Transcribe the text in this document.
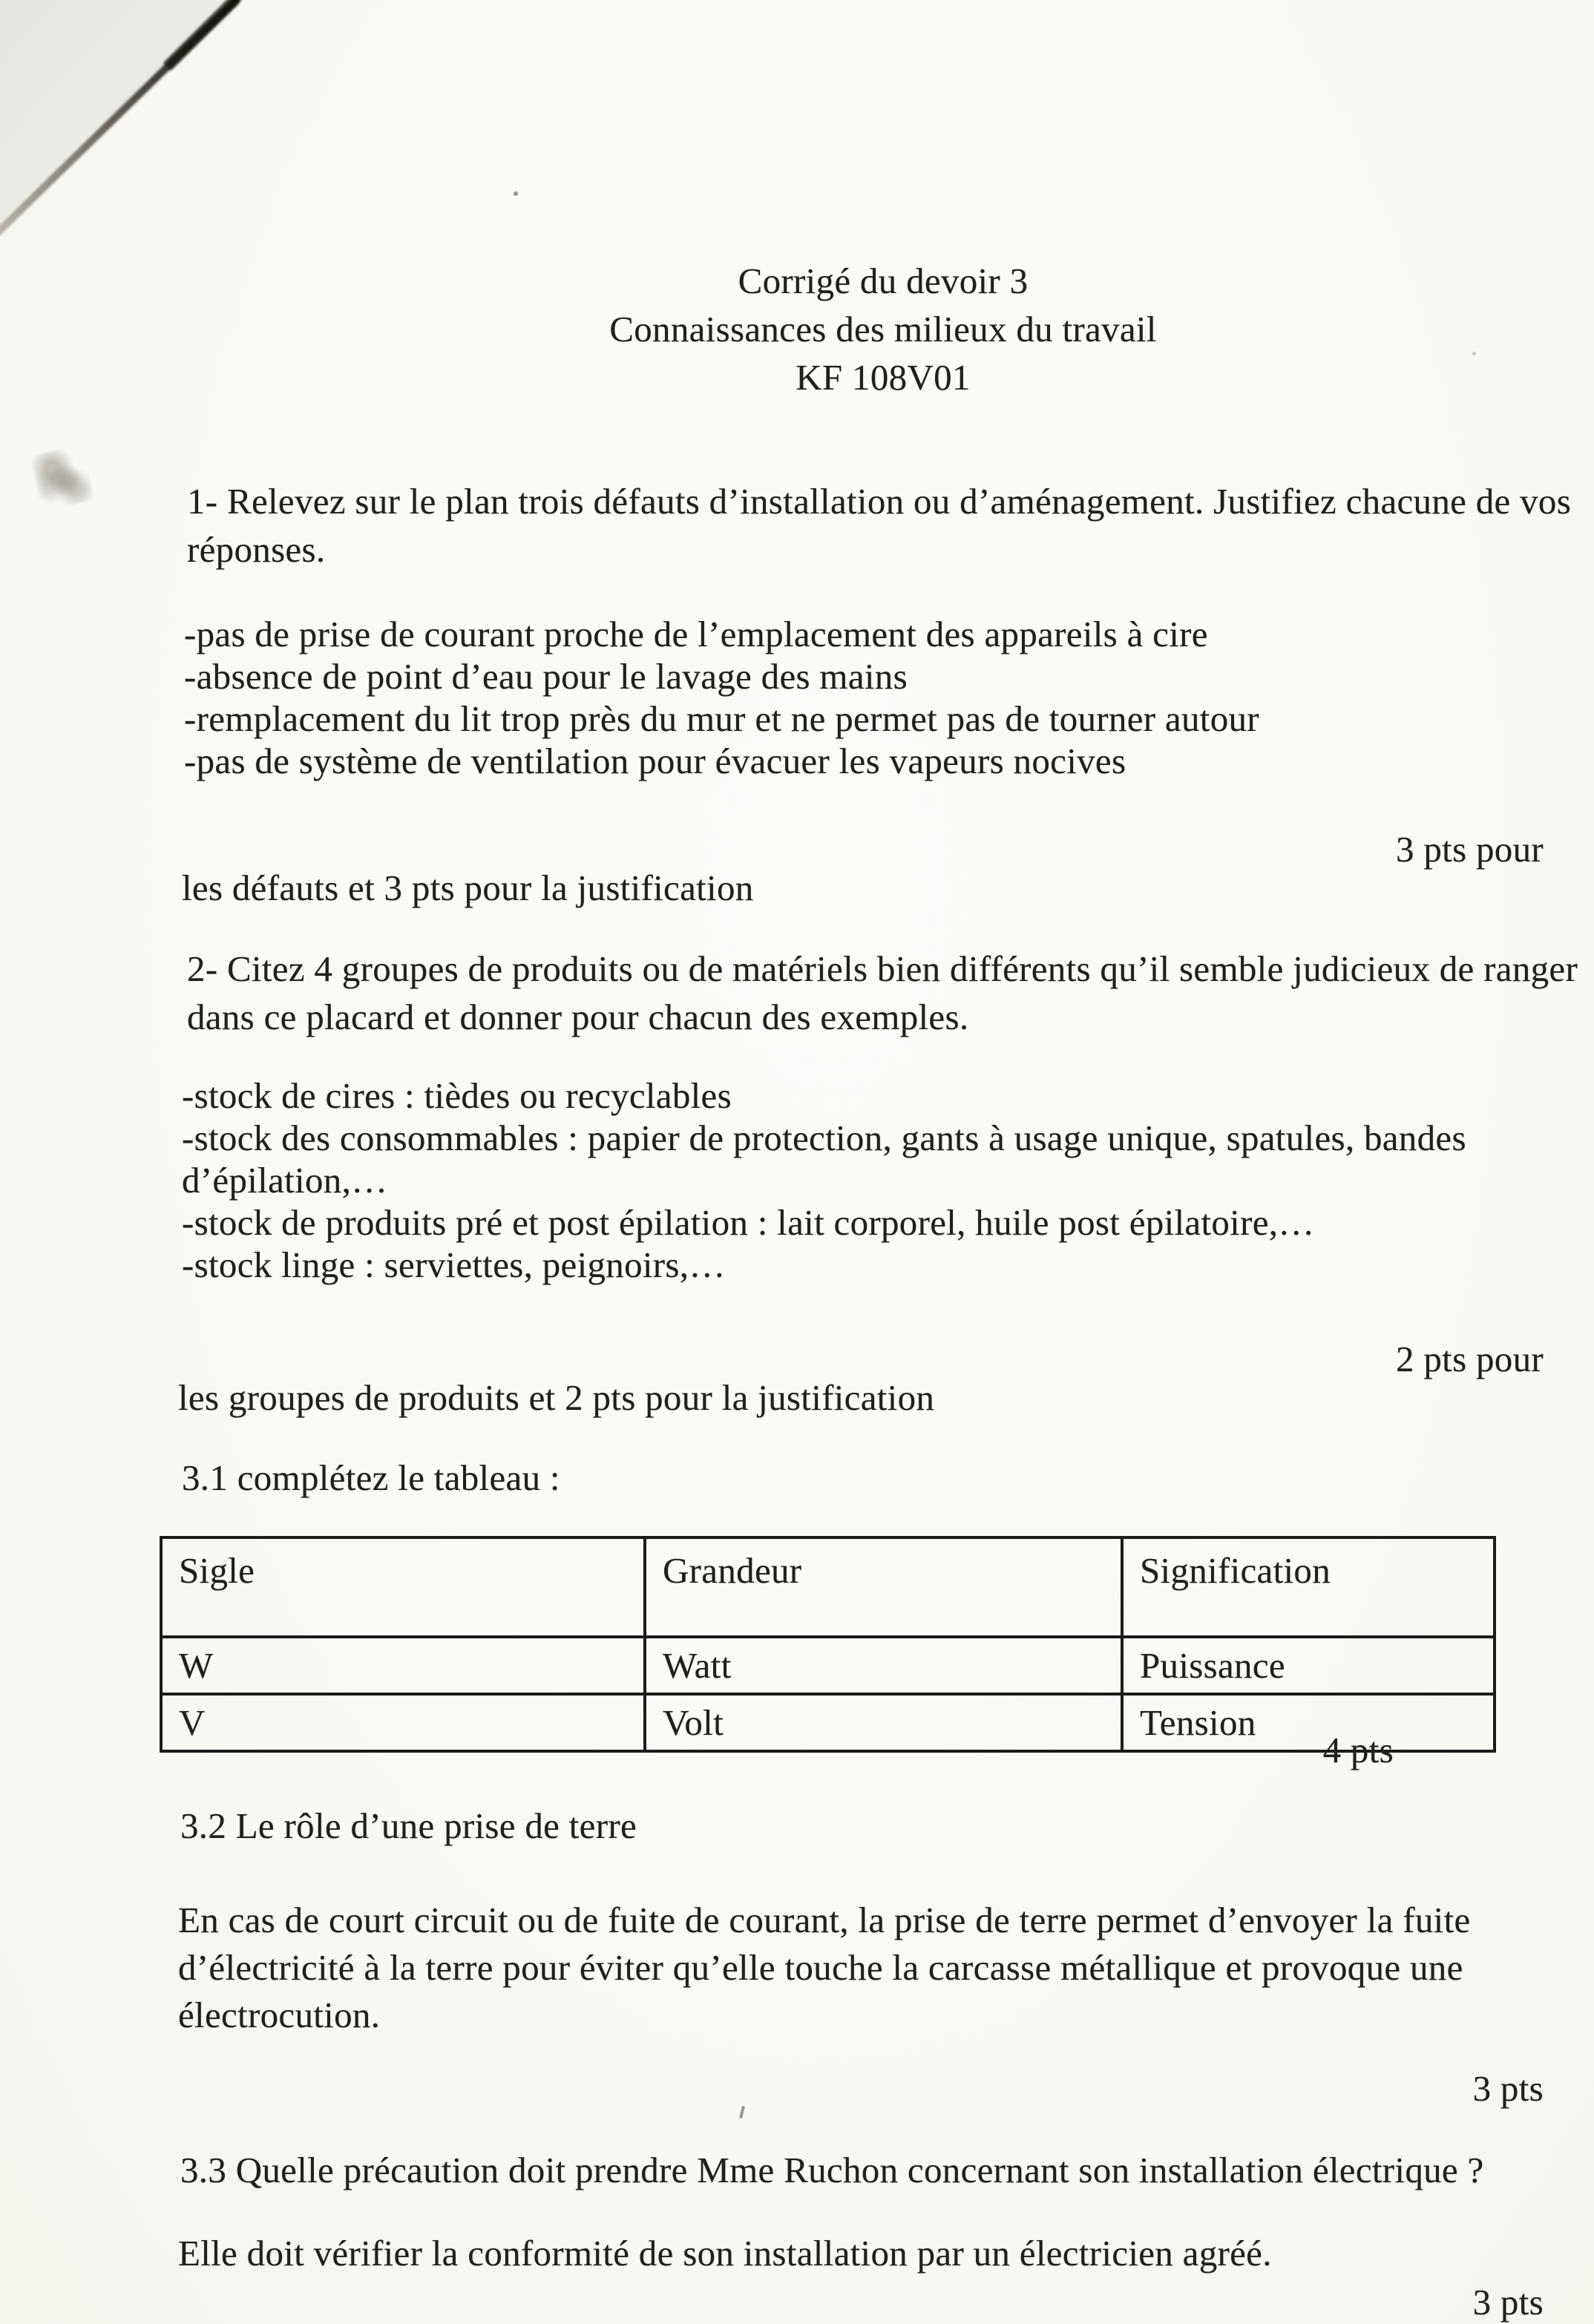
Corrigé du devoir 3
Connaissances des milieux du travail
KF 108V01
1- Relevez sur le plan trois défauts d’installation ou d’aménagement. Justifiez chacune de vos réponses.
-pas de prise de courant proche de l’emplacement des appareils à cire
-absence de point d’eau pour le lavage des mains
-remplacement du lit trop près du mur et ne permet pas de tourner autour
-pas de système de ventilation pour évacuer les vapeurs nocives
3 pts pour
les défauts et 3 pts pour la justification
2- Citez 4 groupes de produits ou de matériels bien différents qu’il semble judicieux de ranger dans ce placard et donner pour chacun des exemples.
-stock de cires : tièdes ou recyclables
-stock des consommables : papier de protection, gants à usage unique, spatules, bandes d’épilation,…
-stock de produits pré et post épilation : lait corporel, huile post épilatoire,…
-stock linge : serviettes, peignoirs,…
2 pts pour
les groupes de produits et 2 pts pour la justification
3.1 complétez le tableau :
Sigle	Grandeur	Signification
W	Watt	Puissance
V	Volt	Tension
4 pts
3.2 Le rôle d’une prise de terre
En cas de court circuit ou de fuite de courant, la prise de terre permet d’envoyer la fuite d’électricité à la terre pour éviter qu’elle touche la carcasse métallique et provoque une électrocution.
3 pts
3.3 Quelle précaution doit prendre Mme Ruchon concernant son installation électrique ?
Elle doit vérifier la conformité de son installation par un électricien agréé.
3 pts
